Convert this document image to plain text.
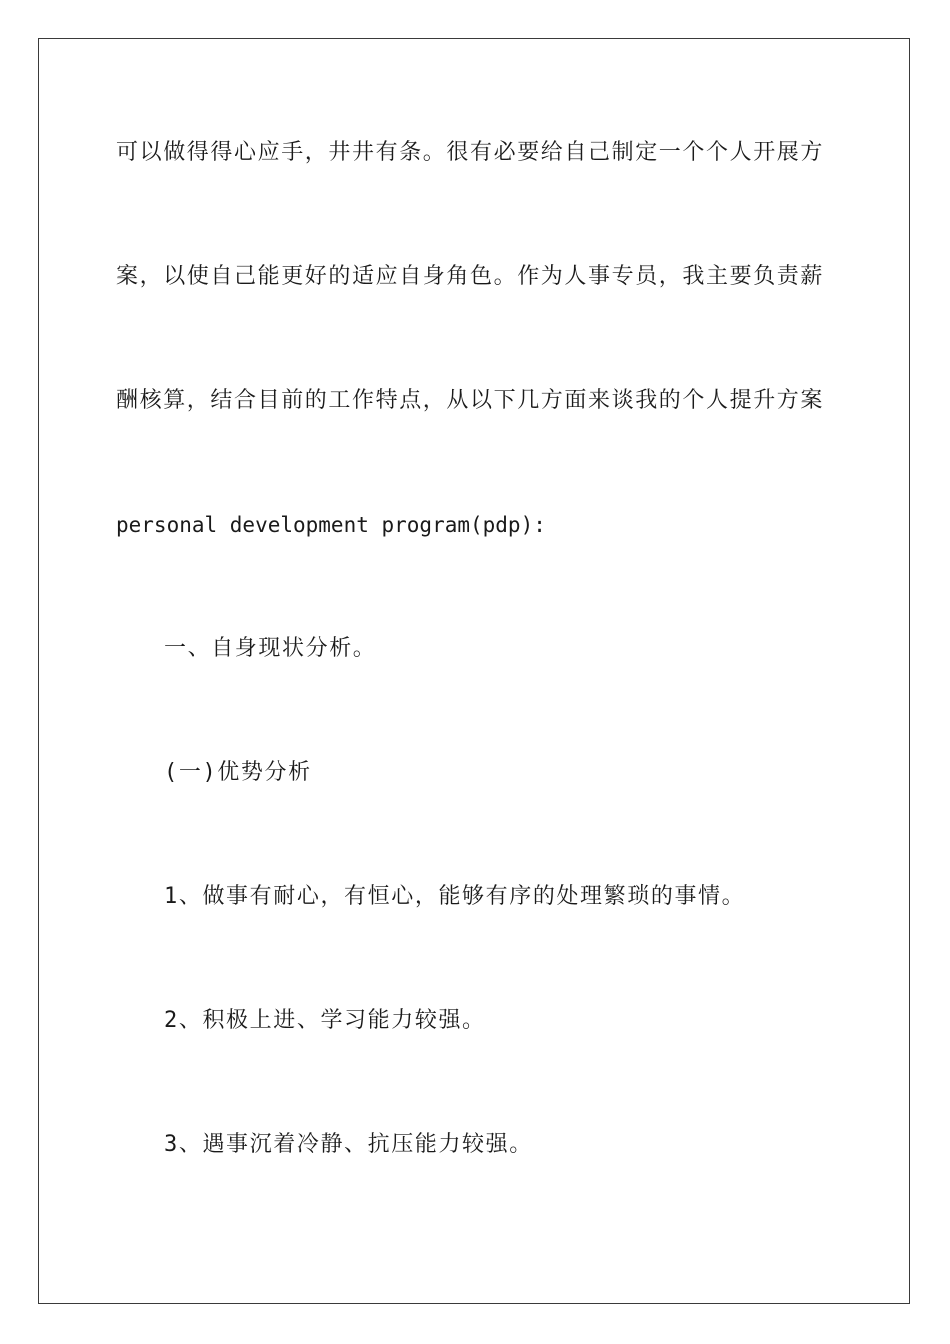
可以做得得心应手，井井有条。很有必要给自己制定一个个人开展方
案，以使自己能更好的适应自身角色。作为人事专员，我主要负责薪
酬核算，结合目前的工作特点，从以下几方面来谈我的个人提升方案
personal development program(pdp):
一、自身现状分析。
(一)优势分析
1、做事有耐心，有恒心，能够有序的处理繁琐的事情。
2、积极上进、学习能力较强。
3、遇事沉着冷静、抗压能力较强。
